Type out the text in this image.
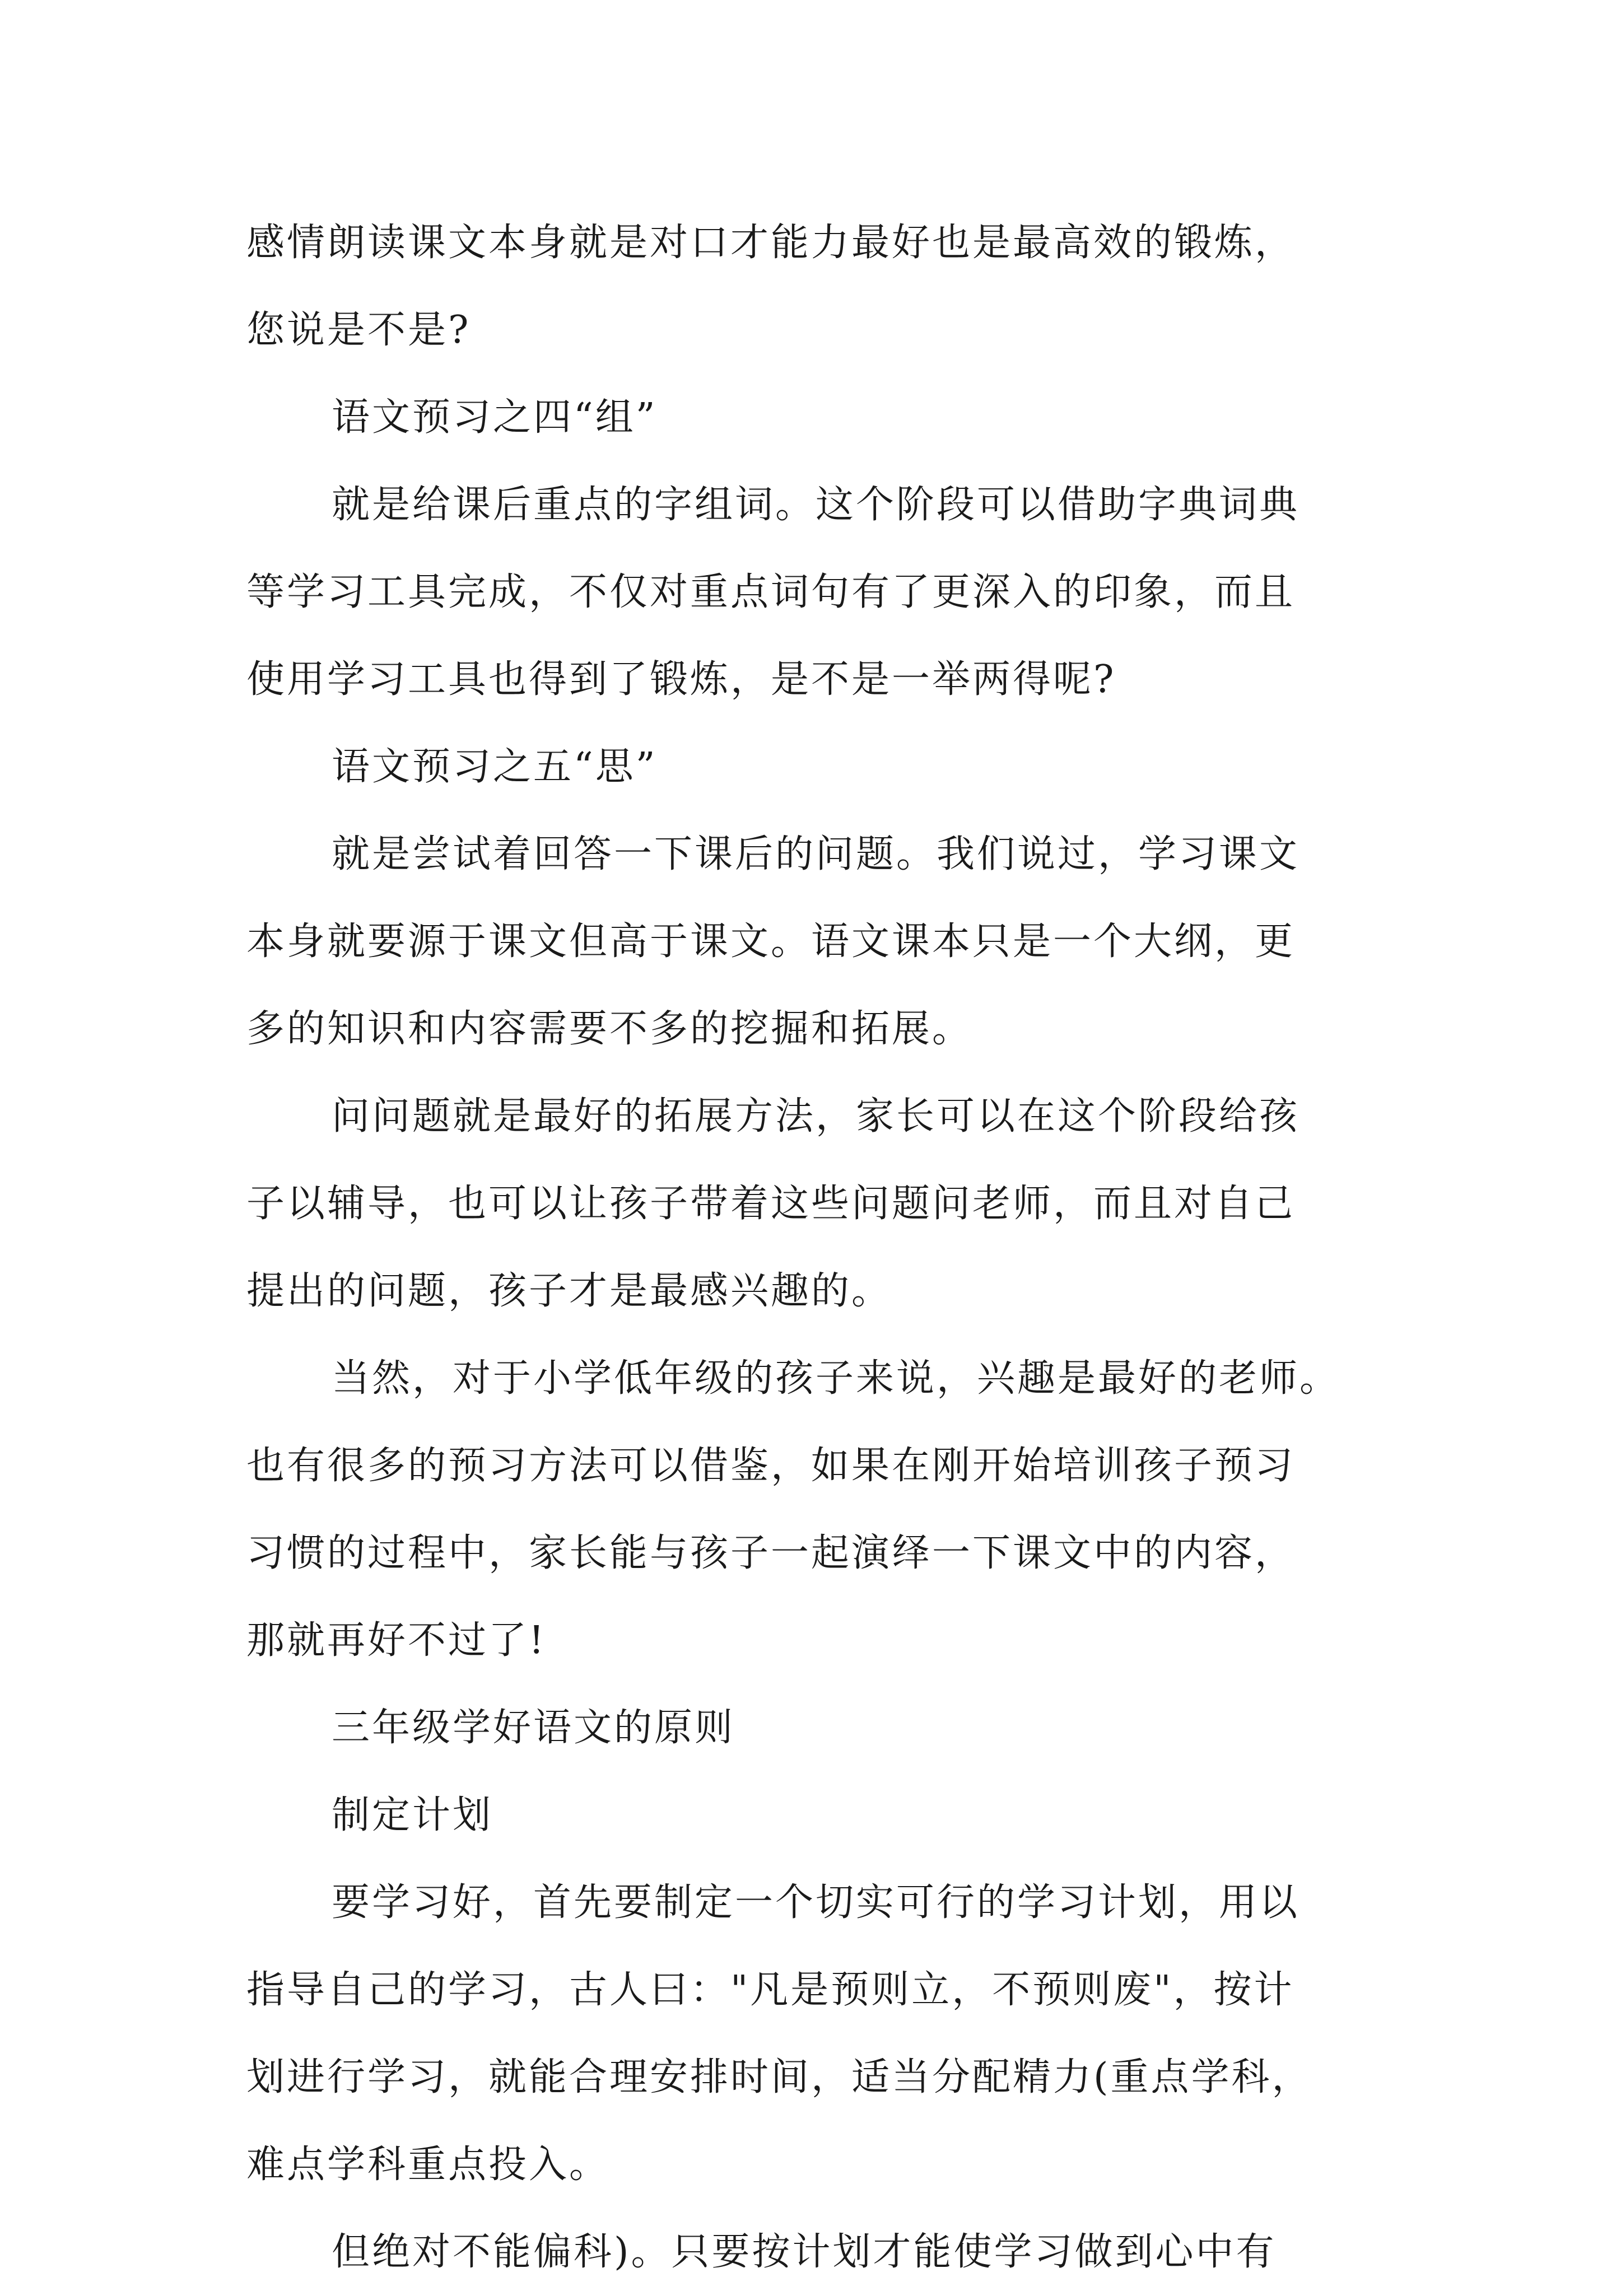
感情朗读课文本身就是对口才能力最好也是最高效的锻炼，
您说是不是?
语文预习之四“组”
就是给课后重点的字组词。这个阶段可以借助字典词典
等学习工具完成，不仅对重点词句有了更深入的印象，而且
使用学习工具也得到了锻炼，是不是一举两得呢?
语文预习之五“思”
就是尝试着回答一下课后的问题。我们说过，学习课文
本身就要源于课文但高于课文。语文课本只是一个大纲，更
多的知识和内容需要不多的挖掘和拓展。
问问题就是最好的拓展方法，家长可以在这个阶段给孩
子以辅导，也可以让孩子带着这些问题问老师，而且对自己
提出的问题，孩子才是最感兴趣的。
当然，对于小学低年级的孩子来说，兴趣是最好的老师。
也有很多的预习方法可以借鉴，如果在刚开始培训孩子预习
习惯的过程中，家长能与孩子一起演绎一下课文中的内容，
那就再好不过了!
三年级学好语文的原则
制定计划
要学习好，首先要制定一个切实可行的学习计划，用以
指导自己的学习，古人曰："凡是预则立，不预则废"，按计
划进行学习，就能合理安排时间，适当分配精力(重点学科，
难点学科重点投入。
但绝对不能偏科)。只要按计划才能使学习做到心中有
